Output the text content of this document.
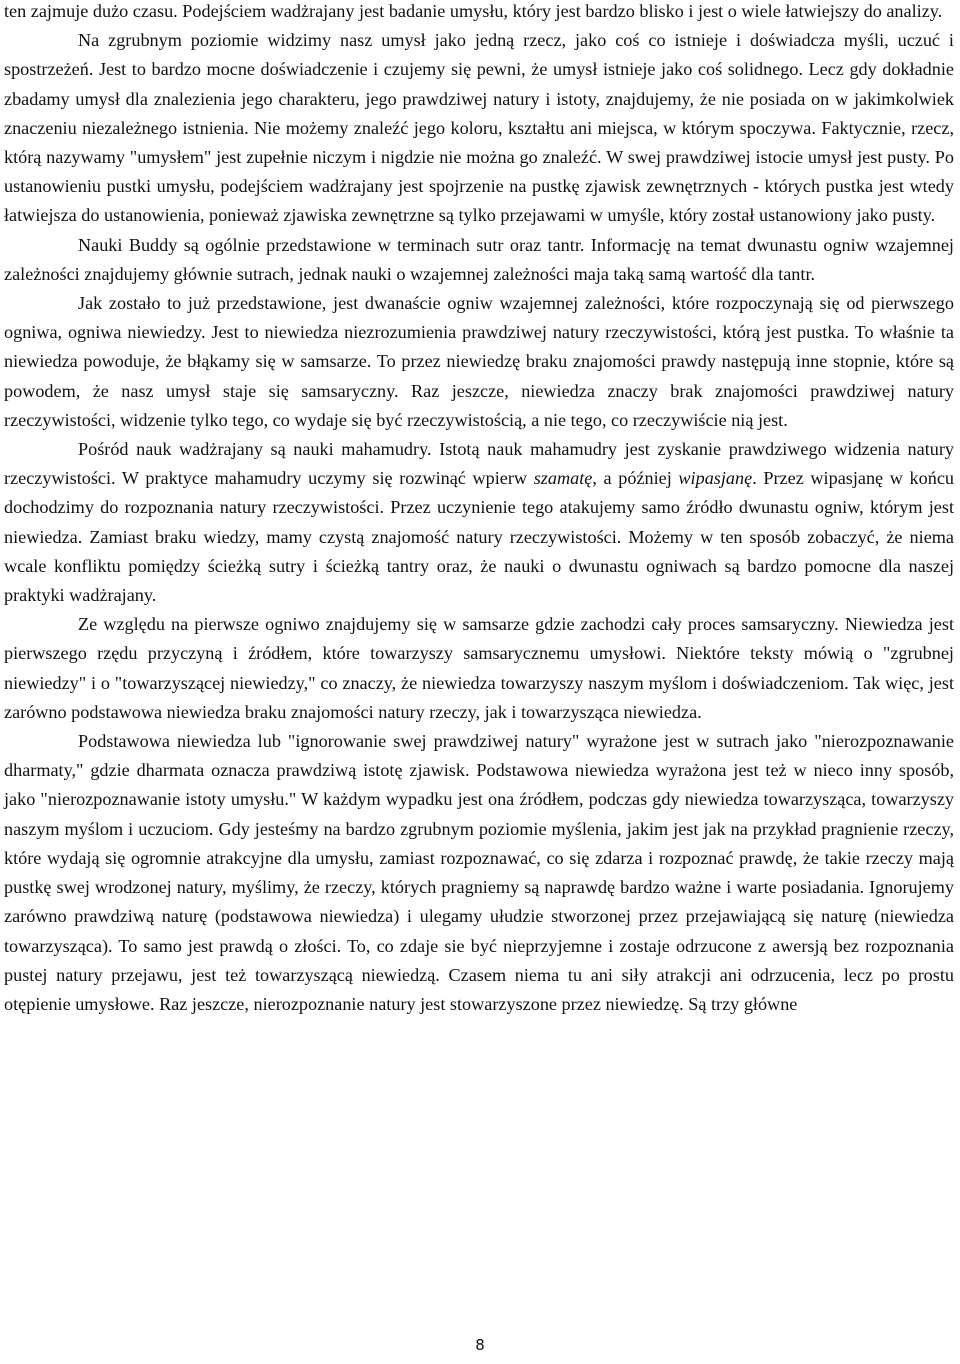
ten zajmuje dużo czasu. Podejściem wadżrajany jest badanie umysłu, który jest bardzo blisko i jest o wiele łatwiejszy do analizy.

Na zgrubnym poziomie widzimy nasz umysł jako jedną rzecz, jako coś co istnieje i doświadcza myśli, uczuć i spostrzeżeń. Jest to bardzo mocne doświadczenie i czujemy się pewni, że umysł istnieje jako coś solidnego. Lecz gdy dokładnie zbadamy umysł dla znalezienia jego charakteru, jego prawdziwej natury i istoty, znajdujemy, że nie posiada on w jakimkolwiek znaczeniu niezależnego istnienia. Nie możemy znaleźć jego koloru, kształtu ani miejsca, w którym spoczywa. Faktycznie, rzecz, którą nazywamy "umysłem" jest zupełnie niczym i nigdzie nie można go znaleźć. W swej prawdziwej istocie umysł jest pusty. Po ustanowieniu pustki umysłu, podejściem wadżrajany jest spojrzenie na pustkę zjawisk zewnętrznych - których pustka jest wtedy łatwiejsza do ustanowienia, ponieważ zjawiska zewnętrzne są tylko przejawami w umyśle, który został ustanowiony jako pusty.

Nauki Buddy są ogólnie przedstawione w terminach sutr oraz tantr. Informację na temat dwunastu ogniw wzajemnej zależności znajdujemy głównie sutrach, jednak nauki o wzajemnej zależności maja taką samą wartość dla tantr.

Jak zostało to już przedstawione, jest dwanaście ogniw wzajemnej zależności, które rozpoczynają się od pierwszego ogniwa, ogniwa niewiedzy. Jest to niewiedza niezrozumienia prawdziwej natury rzeczywistości, którą jest pustka. To właśnie ta niewiedza powoduje, że błąkamy się w samsarze. To przez niewiedzę braku znajomości prawdy następują inne stopnie, które są powodem, że nasz umysł staje się samsaryczny. Raz jeszcze, niewiedza znaczy brak znajomości prawdziwej natury rzeczywistości, widzenie tylko tego, co wydaje się być rzeczywistością, a nie tego, co rzeczywiście nią jest.

Pośród nauk wadżrajany są nauki mahamudry. Istotą nauk mahamudry jest zyskanie prawdziwego widzenia natury rzeczywistości. W praktyce mahamudry uczymy się rozwinąć wpierw szamatę, a później wipasjanę. Przez wipasjanę w końcu dochodzimy do rozpoznania natury rzeczywistości. Przez uczynienie tego atakujemy samo źródło dwunastu ogniw, którym jest niewiedza. Zamiast braku wiedzy, mamy czystą znajomość natury rzeczywistości. Możemy w ten sposób zobaczyć, że niema wcale konfliktu pomiędzy ścieżką sutry i ścieżką tantry oraz, że nauki o dwunastu ogniwach są bardzo pomocne dla naszej praktyki wadżrajany.

Ze względu na pierwsze ogniwo znajdujemy się w samsarze gdzie zachodzi cały proces samsaryczny. Niewiedza jest pierwszego rzędu przyczyną i źródłem, które towarzyszy samsarycznemu umysłowi. Niektóre teksty mówią o "zgrubnej niewiedzy" i o "towarzyszącej niewiedzy," co znaczy, że niewiedza towarzyszy naszym myślom i doświadczeniom. Tak więc, jest zarówno podstawowa niewiedza braku znajomości natury rzeczy, jak i towarzysząca niewiedza.

Podstawowa niewiedza lub "ignorowanie swej prawdziwej natury" wyrażone jest w sutrach jako "nierozpoznawanie dharmaty," gdzie dharmata oznacza prawdziwą istotę zjawisk. Podstawowa niewiedza wyrażona jest też w nieco inny sposób, jako "nierozpoznawanie istoty umysłu." W każdym wypadku jest ona źródłem, podczas gdy niewiedza towarzysząca, towarzyszy naszym myślom i uczuciom. Gdy jesteśmy na bardzo zgrubnym poziomie myślenia, jakim jest jak na przykład pragnienie rzeczy, które wydają się ogromnie atrakcyjne dla umysłu, zamiast rozpoznawać, co się zdarza i rozpoznać prawdę, że takie rzeczy mają pustkę swej wrodzonej natury, myślimy, że rzeczy, których pragniemy są naprawdę bardzo ważne i warte posiadania. Ignorujemy zarówno prawdziwą naturę (podstawowa niewiedza) i ulegamy ułudzie stworzonej przez przejawiającą się naturę (niewiedza towarzysząca). To samo jest prawdą o złości. To, co zdaje sie być nieprzyjemne i zostaje odrzucone z awersją bez rozpoznania pustej natury przejawu, jest też towarzyszącą niewiedzą. Czasem niema tu ani siły atrakcji ani odrzucenia, lecz po prostu otępienie umysłowe. Raz jeszcze, nierozpoznanie natury jest stowarzyszone przez niewiedzę. Są trzy główne

8
